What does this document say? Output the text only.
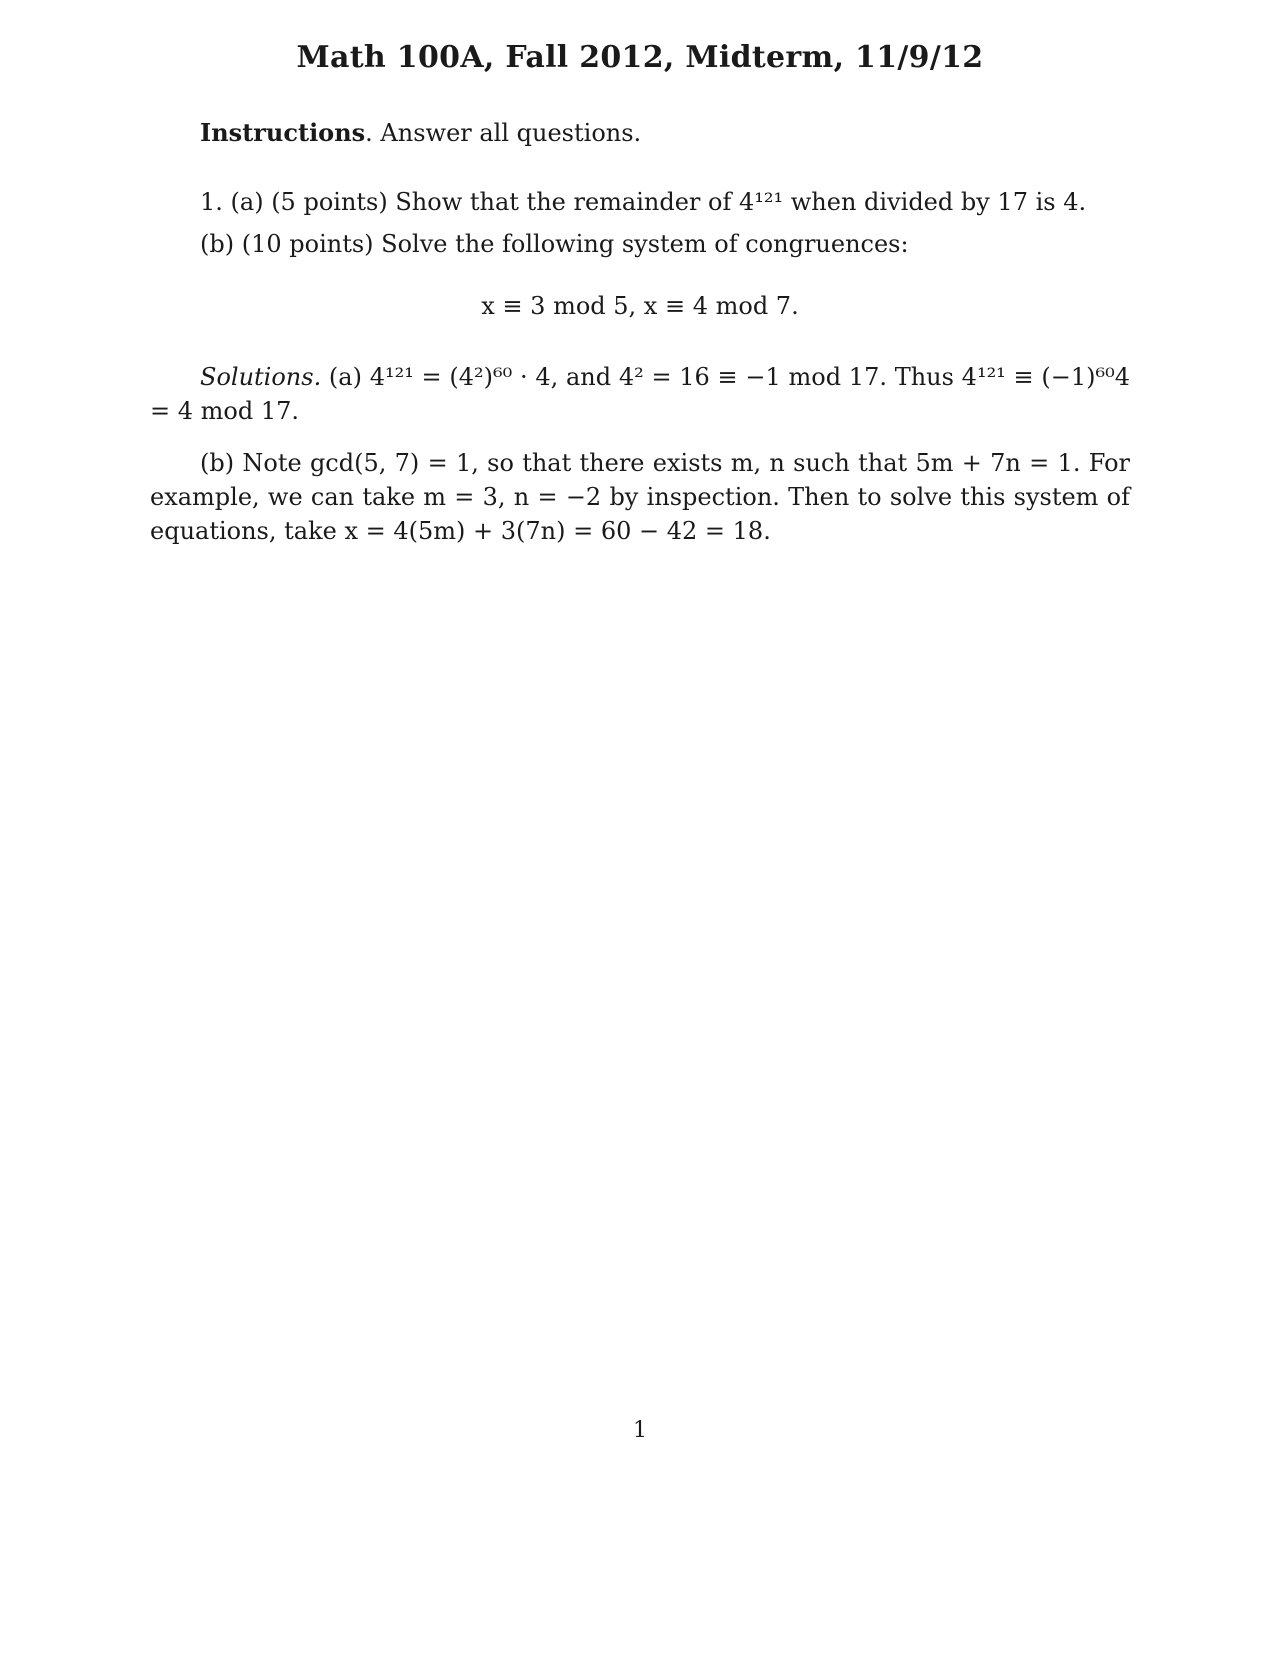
Math 100A, Fall 2012, Midterm, 11/9/12
Instructions. Answer all questions.
1. (a) (5 points) Show that the remainder of 4¹²¹ when divided by 17 is 4.
(b) (10 points) Solve the following system of congruences:
x ≡ 3 mod 5, x ≡ 4 mod 7.
Solutions. (a) 4¹²¹ = (4²)⁶⁰ · 4, and 4² = 16 ≡ −1 mod 17. Thus 4¹²¹ ≡ (−1)⁶⁰4 = 4 mod 17.
(b) Note gcd(5, 7) = 1, so that there exists m, n such that 5m + 7n = 1. For example, we can take m = 3, n = −2 by inspection. Then to solve this system of equations, take x = 4(5m) + 3(7n) = 60 − 42 = 18.
1
